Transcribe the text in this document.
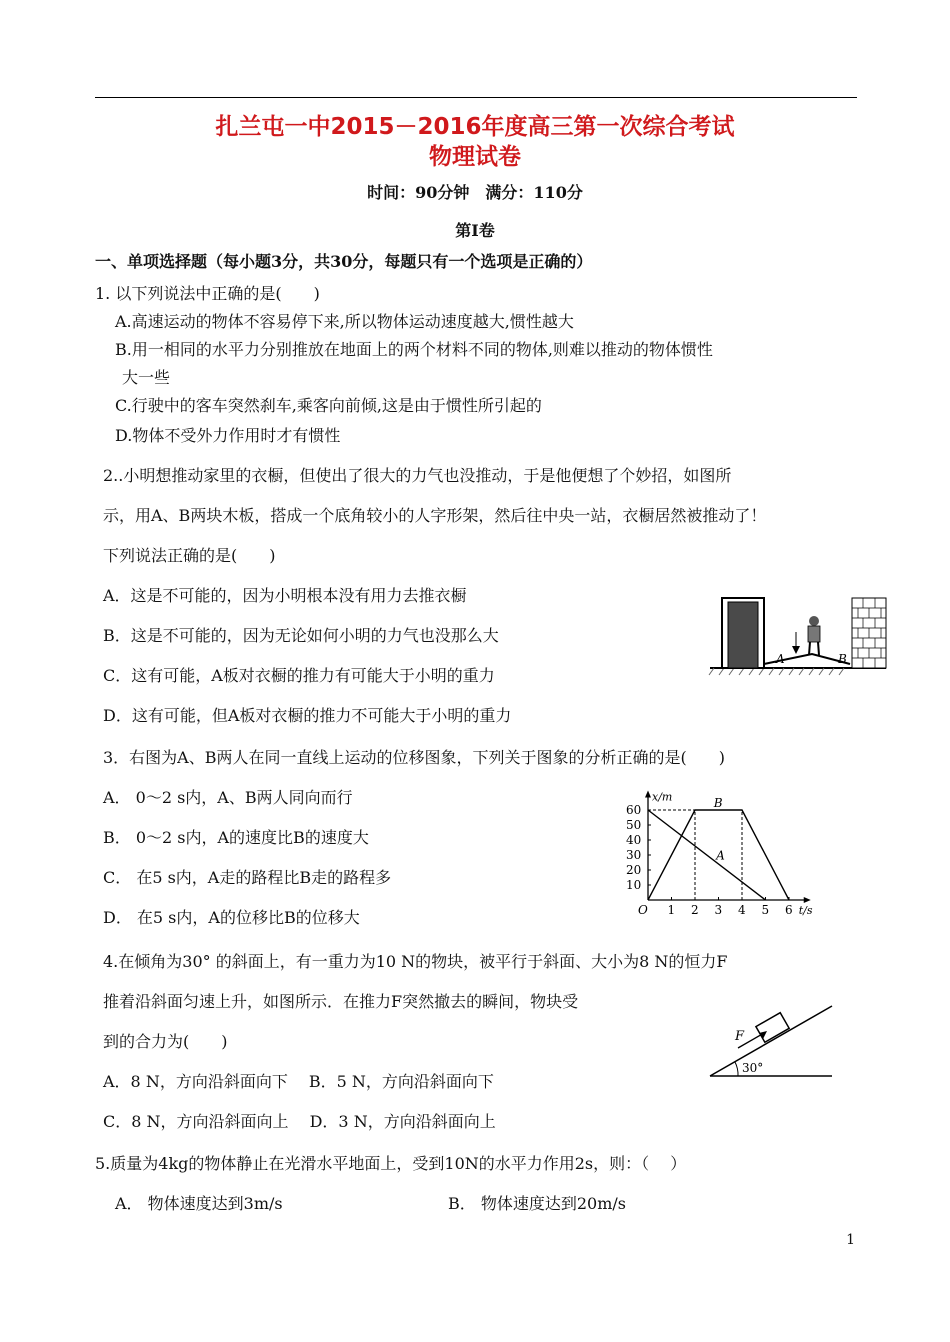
扎兰屯一中2015－2016年度高三第一次综合考试
物理试卷
时间：90分钟　满分：110分
第I卷
一、单项选择题（每小题3分，共30分，每题只有一个选项是正确的）
1. 以下列说法中正确的是(　　)
A.高速运动的物体不容易停下来,所以物体运动速度越大,惯性越大
B.用一相同的水平力分别推放在地面上的两个材料不同的物体,则难以推动的物体惯性
大一些
C.行驶中的客车突然刹车,乘客向前倾,这是由于惯性所引起的
D.物体不受外力作用时才有惯性
2..小明想推动家里的衣橱，但使出了很大的力气也没推动，于是他便想了个妙招，如图所
示，用A、B两块木板，搭成一个底角较小的人字形架，然后往中央一站，衣橱居然被推动了！
下列说法正确的是(　　)
A．这是不可能的，因为小明根本没有用力去推衣橱
B．这是不可能的，因为无论如何小明的力气也没那么大
C．这有可能，A板对衣橱的推力有可能大于小明的重力
D．这有可能，但A板对衣橱的推力不可能大于小明的重力
A	B
3．右图为A、B两人在同一直线上运动的位移图象，下列关于图象的分析正确的是(　　)
A． 0～2 s内，A、B两人同向而行
B． 0～2 s内，A的速度比B的速度大
C． 在5 s内，A走的路程比B走的路程多
D． 在5 s内，A的位移比B的位移大	O 1 2 3 4 5 6
10
20
30
40
50
60
x/m
t/s
A
B
4.在倾角为30° 的斜面上，有一重力为10 N的物块，被平行于斜面、大小为8 N的恒力F
推着沿斜面匀速上升，如图所示．在推力F突然撤去的瞬间，物块受
到的合力为(　　)
A．8 N，方向沿斜面向下　 B．5 N，方向沿斜面向下
C．8 N，方向沿斜面向上　 D．3 N，方向沿斜面向上
F
30°
5.质量为4kg的物体静止在光滑水平地面上，受到10N的水平力作用2s，则：（　 ）
A． 物体速度达到3m/s	B． 物体速度达到20m/s
1
